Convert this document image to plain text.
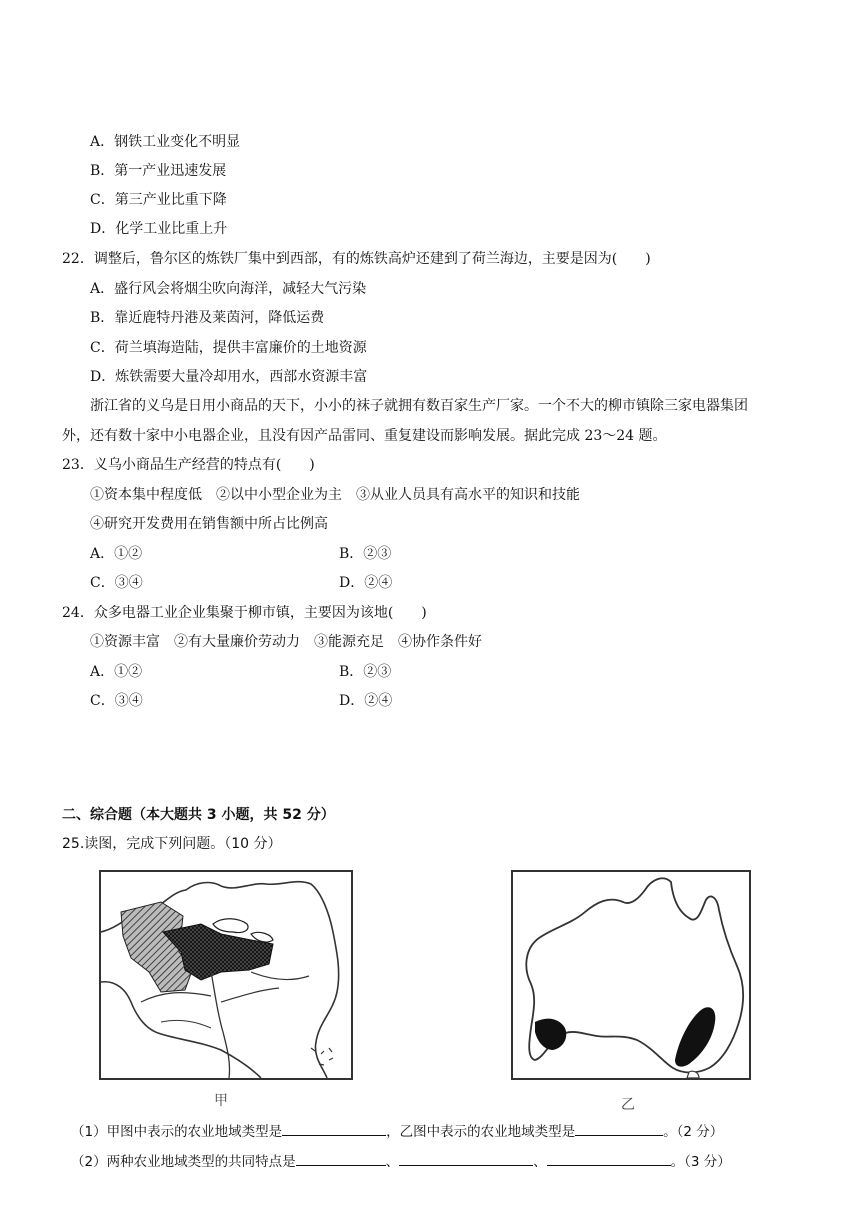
A．钢铁工业变化不明显
B．第一产业迅速发展
C．第三产业比重下降
D．化学工业比重上升
22．调整后，鲁尔区的炼铁厂集中到西部，有的炼铁高炉还建到了荷兰海边，主要是因为(　　)
A．盛行风会将烟尘吹向海洋，减轻大气污染
B．靠近鹿特丹港及莱茵河，降低运费
C．荷兰填海造陆，提供丰富廉价的土地资源
D．炼铁需要大量冷却用水，西部水资源丰富
浙江省的义乌是日用小商品的天下，小小的袜子就拥有数百家生产厂家。一个不大的柳市镇除三家电器集团
外，还有数十家中小电器企业，且没有因产品雷同、重复建设而影响发展。据此完成 23～24 题。
23．义乌小商品生产经营的特点有(　　)
①资本集中程度低　②以中小型企业为主　③从业人员具有高水平的知识和技能
④研究开发费用在销售额中所占比例高
A．①②	B．②③
C．③④	D．②④
24．众多电器工业企业集聚于柳市镇，主要因为该地(　　)
①资源丰富　②有大量廉价劳动力　③能源充足　④协作条件好
A．①②	B．②③
C．③④	D．②④
二、综合题（本大题共 3 小题，共 52 分）
25.读图，完成下列问题。（10 分）
甲	乙
（1）甲图中表示的农业地域类型是	，乙图中表示的农业地域类型是	。（2 分）
（2）两种农业地域类型的共同特点是	、	、	。（3 分）
